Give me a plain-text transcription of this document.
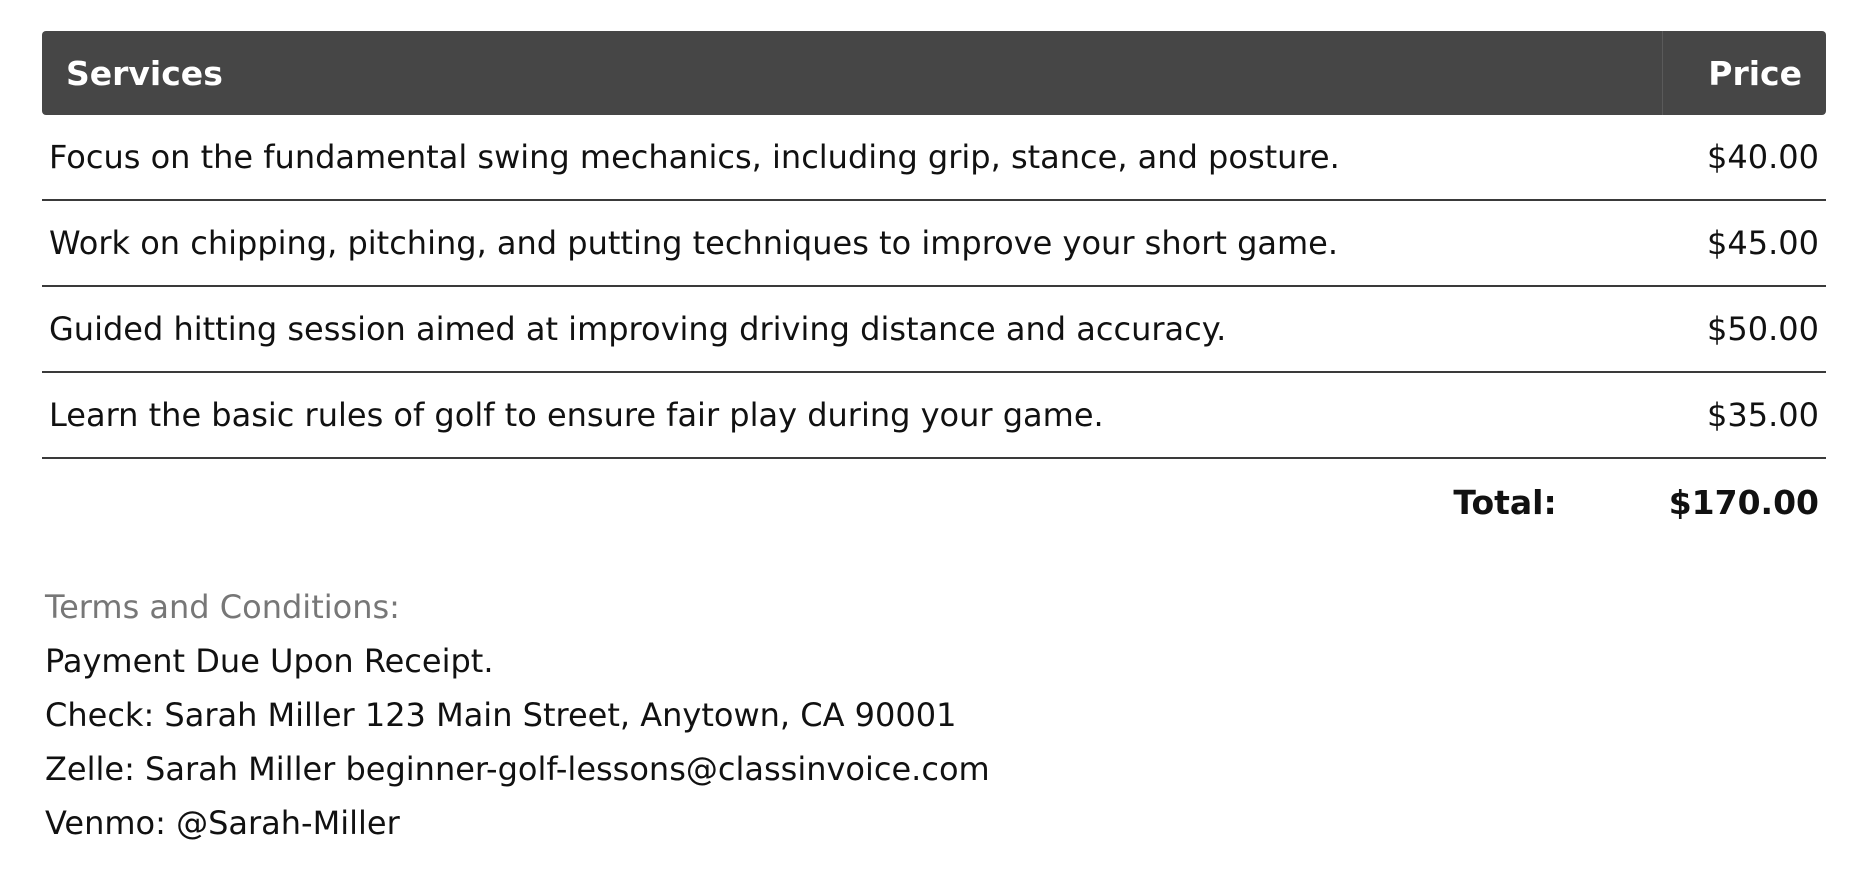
Services	Price
Focus on the fundamental swing mechanics, including grip, stance, and posture.	$40.00
Work on chipping, pitching, and putting techniques to improve your short game.	$45.00
Guided hitting session aimed at improving driving distance and accuracy.	$50.00
Learn the basic rules of golf to ensure fair play during your game.	$35.00
Total:	$170.00
Terms and Conditions:
Payment Due Upon Receipt.
Check: Sarah Miller 123 Main Street, Anytown, CA 90001
Zelle: Sarah Miller beginner-golf-lessons@classinvoice.com
Venmo: @Sarah-Miller
